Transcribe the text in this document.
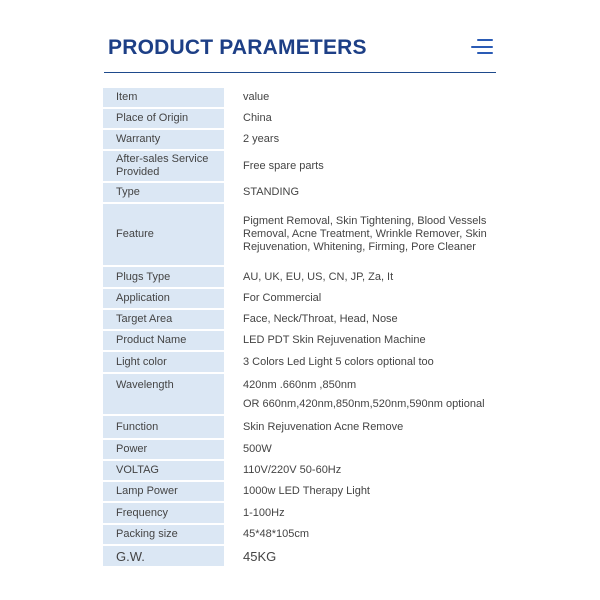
PRODUCT PARAMETERS
Item	value
Place of Origin	China
Warranty	2 years
After-sales Service Provided	Free spare parts
Type	STANDING
Feature	Pigment Removal, Skin Tightening, Blood Vessels Removal, Acne Treatment, Wrinkle Remover, Skin Rejuvenation, Whitening, Firming, Pore Cleaner
Plugs Type	AU, UK, EU, US, CN, JP, Za, It
Application	For Commercial
Target Area	Face, Neck/Throat, Head, Nose
Product Name	LED PDT Skin Rejuvenation Machine
Light color	3 Colors Led Light 5 colors optional too
Wavelength	420nm .660nm ,850nm
OR 660nm,420nm,850nm,520nm,590nm optional

Function	Skin Rejuvenation Acne Remove
Power	500W
VOLTAG	110V/220V 50-60Hz
Lamp Power	1000w LED Therapy Light
Frequency	1-100Hz
Packing size	45*48*105cm
G.W.	45KG
